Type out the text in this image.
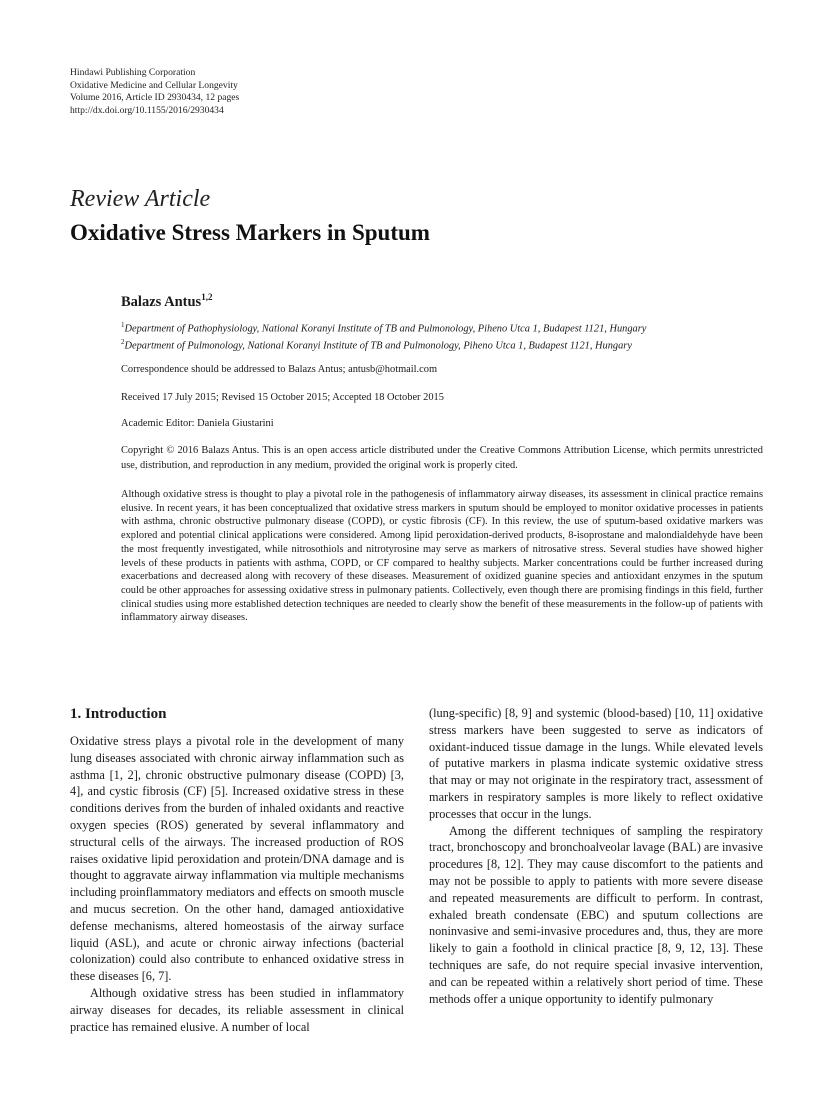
Hindawi Publishing Corporation
Oxidative Medicine and Cellular Longevity
Volume 2016, Article ID 2930434, 12 pages
http://dx.doi.org/10.1155/2016/2930434
Review Article
Oxidative Stress Markers in Sputum
Balazs Antus$^{1,2}$
$^1$Department of Pathophysiology, National Koranyi Institute of TB and Pulmonology, Piheno Utca 1, Budapest 1121, Hungary
$^2$Department of Pulmonology, National Koranyi Institute of TB and Pulmonology, Piheno Utca 1, Budapest 1121, Hungary
Correspondence should be addressed to Balazs Antus; antusb@hotmail.com
Received 17 July 2015; Revised 15 October 2015; Accepted 18 October 2015
Academic Editor: Daniela Giustarini
Copyright © 2016 Balazs Antus. This is an open access article distributed under the Creative Commons Attribution License, which permits unrestricted use, distribution, and reproduction in any medium, provided the original work is properly cited.
Although oxidative stress is thought to play a pivotal role in the pathogenesis of inflammatory airway diseases, its assessment in clinical practice remains elusive. In recent years, it has been conceptualized that oxidative stress markers in sputum should be employed to monitor oxidative processes in patients with asthma, chronic obstructive pulmonary disease (COPD), or cystic fibrosis (CF). In this review, the use of sputum-based oxidative markers was explored and potential clinical applications were considered. Among lipid peroxidation-derived products, 8-isoprostane and malondialdehyde have been the most frequently investigated, while nitrosothiols and nitrotyrosine may serve as markers of nitrosative stress. Several studies have showed higher levels of these products in patients with asthma, COPD, or CF compared to healthy subjects. Marker concentrations could be further increased during exacerbations and decreased along with recovery of these diseases. Measurement of oxidized guanine species and antioxidant enzymes in the sputum could be other approaches for assessing oxidative stress in pulmonary patients. Collectively, even though there are promising findings in this field, further clinical studies using more established detection techniques are needed to clearly show the benefit of these measurements in the follow-up of patients with inflammatory airway diseases.
1. Introduction

Oxidative stress plays a pivotal role in the development of many lung diseases associated with chronic airway inflammation such as asthma [1, 2], chronic obstructive pulmonary disease (COPD) [3, 4], and cystic fibrosis (CF) [5]. Increased oxidative stress in these conditions derives from the burden of inhaled oxidants and reactive oxygen species (ROS) generated by several inflammatory and structural cells of the airways. The increased production of ROS raises oxidative lipid peroxidation and protein/DNA damage and is thought to aggravate airway inflammation via multiple mechanisms including proinflammatory mediators and effects on smooth muscle and mucus secretion. On the other hand, damaged antioxidative defense mechanisms, altered homeostasis of the airway surface liquid (ASL), and acute or chronic airway infections (bacterial colonization) could also contribute to enhanced oxidative stress in these diseases [6, 7].

Although oxidative stress has been studied in inflammatory airway diseases for decades, its reliable assessment in clinical practice has remained elusive. A number of local

(lung-specific) [8, 9] and systemic (blood-based) [10, 11] oxidative stress markers have been suggested to serve as indicators of oxidant-induced tissue damage in the lungs. While elevated levels of putative markers in plasma indicate systemic oxidative stress that may or may not originate in the respiratory tract, assessment of markers in respiratory samples is more likely to reflect oxidative processes that occur in the lungs.

Among the different techniques of sampling the respiratory tract, bronchoscopy and bronchoalveolar lavage (BAL) are invasive procedures [8, 12]. They may cause discomfort to the patients and may not be possible to apply to patients with more severe disease and repeated measurements are difficult to perform. In contrast, exhaled breath condensate (EBC) and sputum collections are noninvasive and semi-invasive procedures and, thus, they are more likely to gain a foothold in clinical practice [8, 9, 12, 13]. These techniques are safe, do not require special invasive intervention, and can be repeated within a relatively short period of time. These methods offer a unique opportunity to identify pulmonary
